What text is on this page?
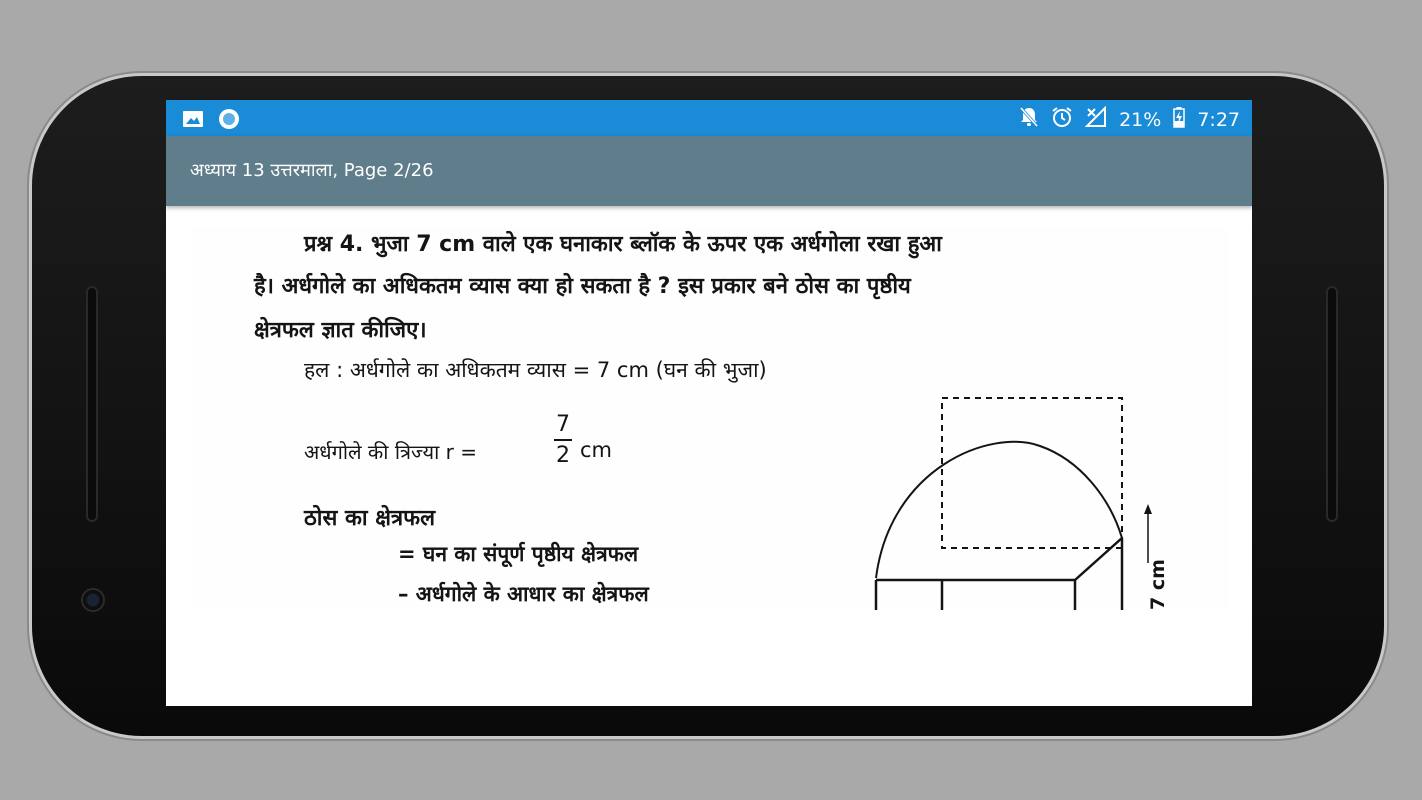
21% 7:27
अध्याय 13 उत्तरमाला, Page 2/26
प्रश्न 4. भुजा 7 cm वाले एक घनाकार ब्लॉक के ऊपर एक अर्धगोला रखा हुआ
है। अर्धगोले का अधिकतम व्यास क्या हो सकता है ? इस प्रकार बने ठोस का पृष्ठीय
क्षेत्रफल ज्ञात कीजिए।
हल : अर्धगोले का अधिकतम व्यास = 7 cm (घन की भुजा)
अर्धगोले की त्रिज्या r =
7
2 cm
ठोस का क्षेत्रफल
= घन का संपूर्ण पृष्ठीय क्षेत्रफल
– अर्धगोले के आधार का क्षेत्रफल	7 cm
